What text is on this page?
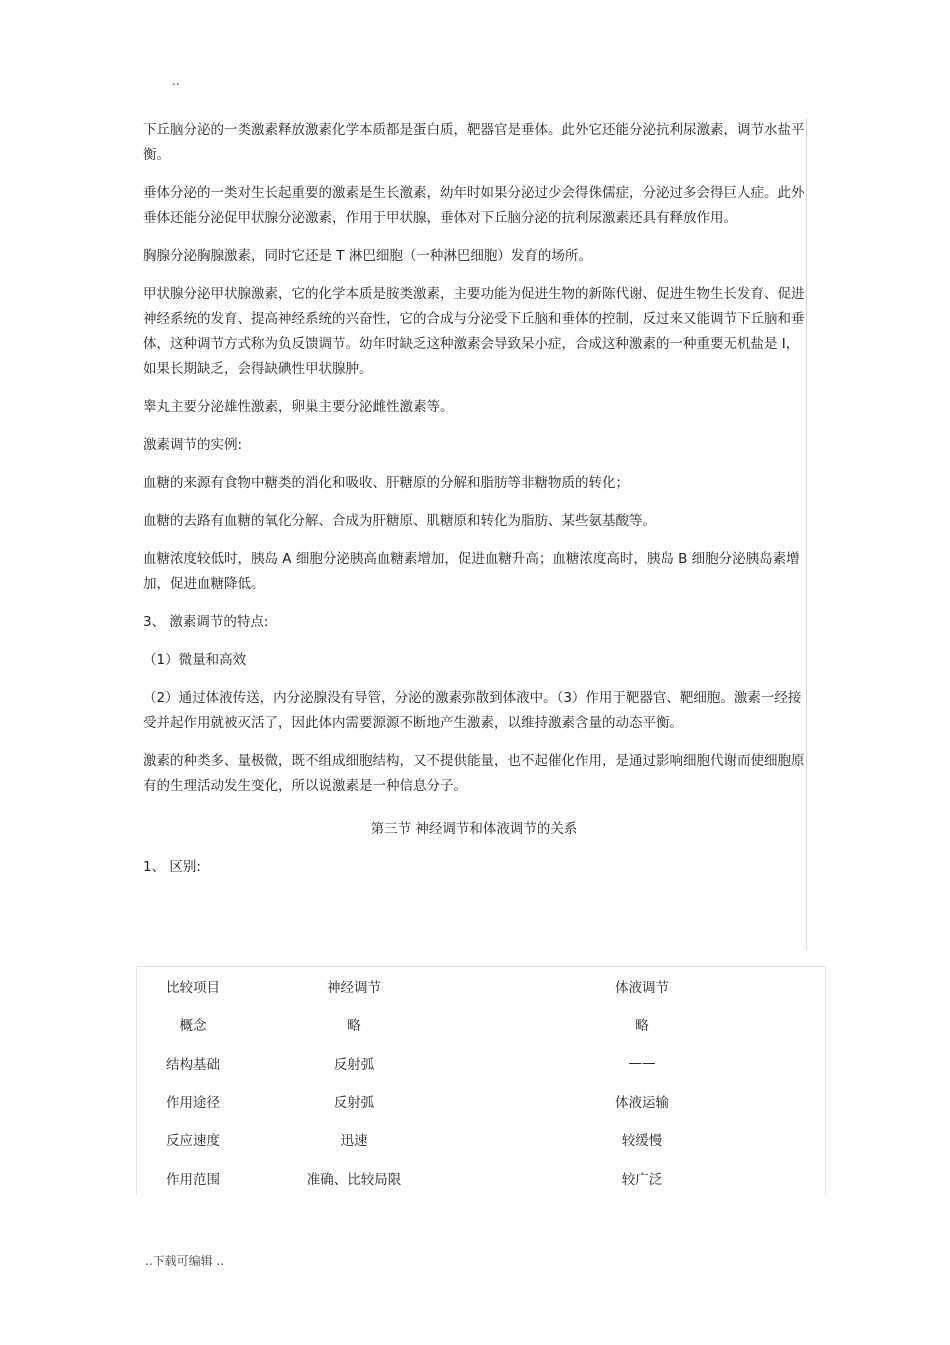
..

下丘脑分泌的一类激素释放激素化学本质都是蛋白质，靶器官是垂体。此外它还能分泌抗利尿激素，调节水盐平衡。

垂体分泌的一类对生长起重要的激素是生长激素，幼年时如果分泌过少会得侏儒症，分泌过多会得巨人症。此外垂体还能分泌促甲状腺分泌激素，作用于甲状腺，垂体对下丘脑分泌的抗利尿激素还具有释放作用。

胸腺分泌胸腺激素，同时它还是 T 淋巴细胞（一种淋巴细胞）发育的场所。

甲状腺分泌甲状腺激素，它的化学本质是胺类激素，主要功能为促进生物的新陈代谢、促进生物生长发育、促进神经系统的发育、提高神经系统的兴奋性，它的合成与分泌受下丘脑和垂体的控制，反过来又能调节下丘脑和垂体，这种调节方式称为负反馈调节。幼年时缺乏这种激素会导致呆小症，合成这种激素的一种重要无机盐是 I，如果长期缺乏，会得缺碘性甲状腺肿。

睾丸主要分泌雄性激素，卵巢主要分泌雌性激素等。

激素调节的实例:

血糖的来源有食物中糖类的消化和吸收、肝糖原的分解和脂肪等非糖物质的转化；

血糖的去路有血糖的氧化分解、合成为肝糖原、肌糖原和转化为脂肪、某些氨基酸等。

血糖浓度较低时，胰岛 A 细胞分泌胰高血糖素增加，促进血糖升高；血糖浓度高时，胰岛 B 细胞分泌胰岛素增加，促进血糖降低。

3、 激素调节的特点:

（1）微量和高效

（2）通过体液传送，内分泌腺没有导管，分泌的激素弥散到体液中。（3）作用于靶器官、靶细胞。激素一经接受并起作用就被灭活了，因此体内需要源源不断地产生激素，以维持激素含量的动态平衡。

激素的种类多、量极微，既不组成细胞结构，又不提供能量，也不起催化作用，是通过影响细胞代谢而使细胞原有的生理活动发生变化，所以说激素是一种信息分子。

第三节 神经调节和体液调节的关系

1、 区别:

比较项目	神经调节	体液调节
概念	略	略
结构基础	反射弧	——
作用途径	反射弧	体液运输
反应速度	迅速	较缓慢
作用范围	准确、比较局限	较广泛
..下载可编辑 ..
